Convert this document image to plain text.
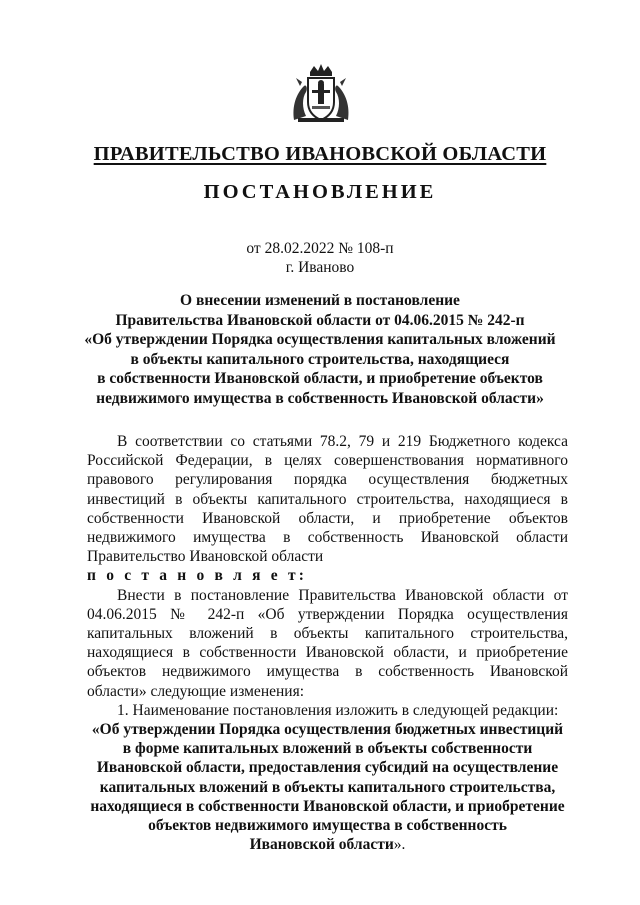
ПРАВИТЕЛЬСТВО ИВАНОВСКОЙ ОБЛАСТИ
ПОСТАНОВЛЕНИЕ
от 28.02.2022 № 108-п
г. Иваново
О внесении изменений в постановление
Правительства Ивановской области от 04.06.2015 № 242-п
«Об утверждении Порядка осуществления капитальных вложений
в объекты капитального строительства, находящиеся
в собственности Ивановской области, и приобретение объектов
недвижимого имущества в собственность Ивановской области»

В соответствии со статьями 78.2, 79 и 219 Бюджетного кодекса Российской Федерации, в целях совершенствования нормативного правового регулирования порядка осуществления бюджетных инвестиций в объекты капитального строительства, находящиеся в собственности Ивановской области, и приобретение объектов недвижимого имущества в собственность Ивановской области Правительство Ивановской области

п о с т а н о в л я е т:

Внести в постановление Правительства Ивановской области от 04.06.2015 № 242-п «Об утверждении Порядка осуществления капитальных вложений в объекты капитального строительства, находящиеся в собственности Ивановской области, и приобретение объектов недвижимого имущества в собственность Ивановской области» следующие изменения:

1. Наименование постановления изложить в следующей редакции:

«Об утверждении Порядка осуществления бюджетных инвестиций
в форме капитальных вложений в объекты собственности
Ивановской области, предоставления субсидий на осуществление
капитальных вложений в объекты капитального строительства,
находящиеся в собственности Ивановской области, и приобретение
объектов недвижимого имущества в собственность
Ивановской области».
